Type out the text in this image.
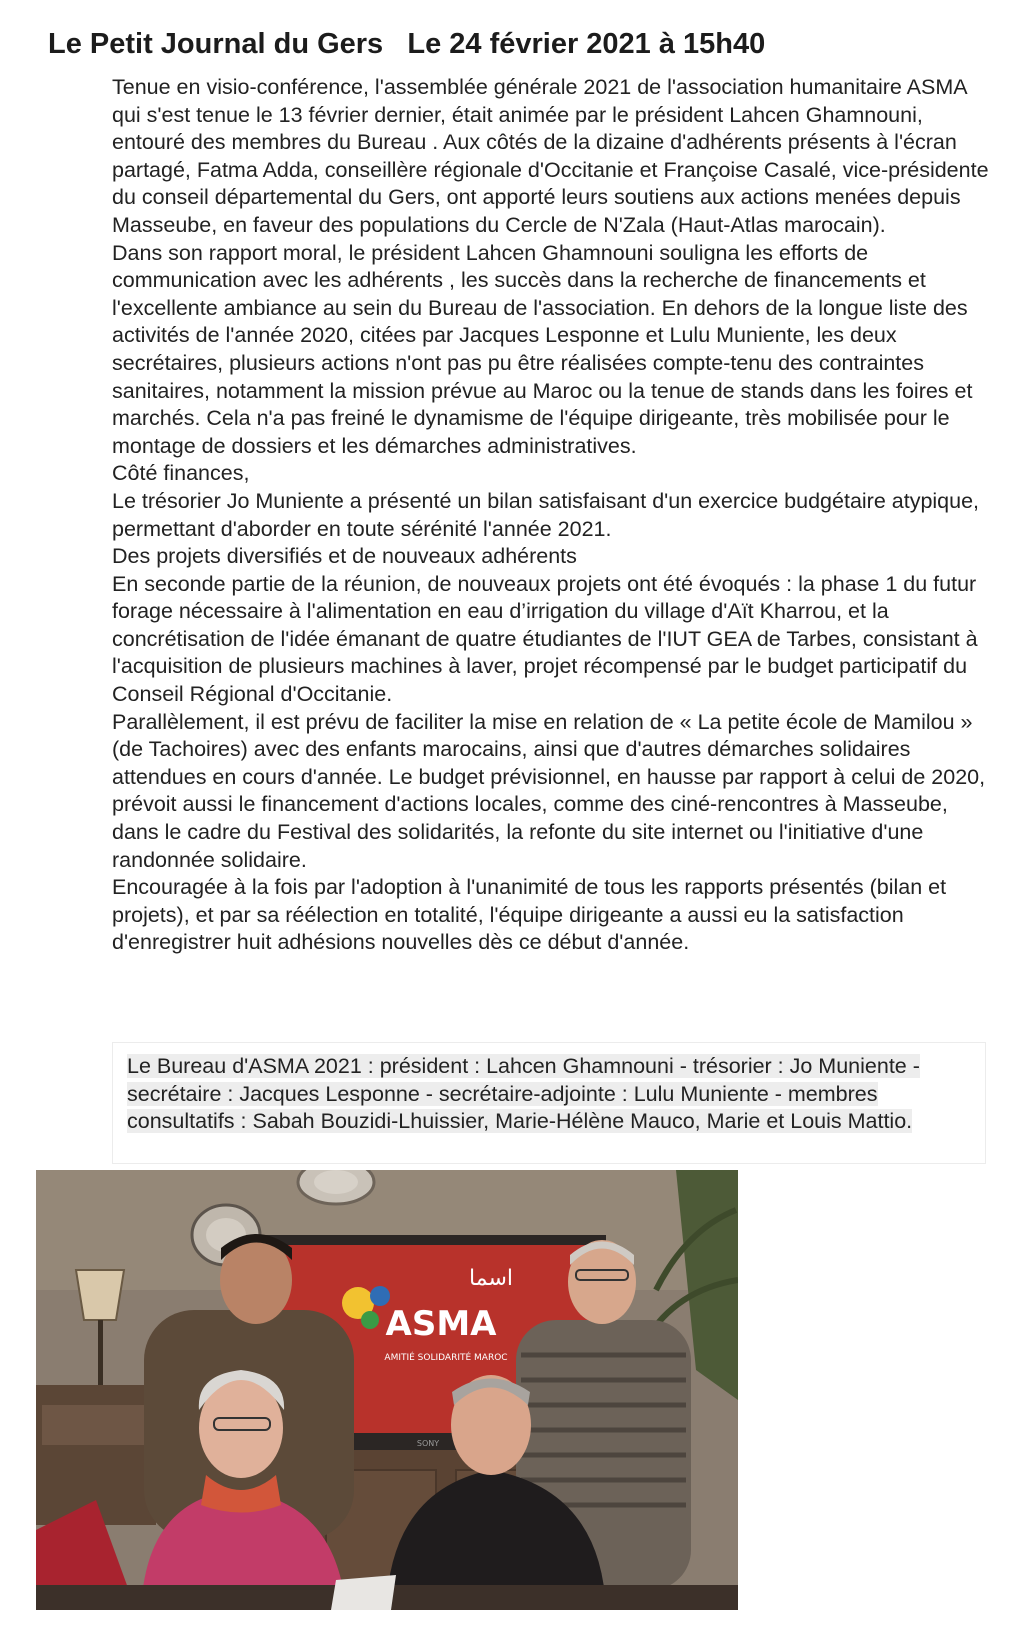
Le Petit Journal du Gers   Le 24 février 2021 à 15h40

Tenue en visio-conférence, l'assemblée générale 2021 de l'association humanitaire ASMA qui s'est tenue le 13 février dernier, était animée par le président Lahcen Ghamnouni, entouré des membres du Bureau . Aux côtés de la dizaine d'adhérents présents à l'écran partagé, Fatma Adda, conseillère régionale d'Occitanie et Françoise Casalé, vice-présidente du conseil départemental du Gers, ont apporté leurs soutiens aux actions menées depuis Masseube, en faveur des populations du Cercle de N'Zala (Haut-Atlas marocain).

Dans son rapport moral, le président Lahcen Ghamnouni souligna les efforts de communication avec les adhérents , les succès dans la recherche de financements et l'excellente ambiance au sein du Bureau de l'association. En dehors de la longue liste des activités de l'année 2020, citées par Jacques Lesponne et Lulu Muniente, les deux secrétaires, plusieurs actions n'ont pas pu être réalisées compte-tenu des contraintes sanitaires, notamment la mission prévue au Maroc ou la tenue de stands dans les foires et marchés. Cela n'a pas freiné le dynamisme de l'équipe dirigeante, très mobilisée pour le montage de dossiers et les démarches administratives.

Côté finances,

Le trésorier Jo Muniente a présenté un bilan satisfaisant d'un exercice budgétaire atypique, permettant d'aborder en toute sérénité l'année 2021.

Des projets diversifiés et de nouveaux adhérents

En seconde partie de la réunion, de nouveaux projets ont été évoqués : la phase 1 du futur forage nécessaire à l'alimentation en eau d’irrigation du village d'Aït Kharrou, et la concrétisation de l'idée émanant de quatre étudiantes de l'IUT GEA de Tarbes, consistant à l'acquisition de plusieurs machines à laver, projet récompensé par le budget participatif du Conseil Régional d'Occitanie.

Parallèlement, il est prévu de faciliter la mise en relation de « La petite école de Mamilou » (de Tachoires) avec des enfants marocains, ainsi que d'autres démarches solidaires attendues en cours d'année. Le budget prévisionnel, en hausse par rapport à celui de 2020, prévoit aussi le financement d'actions locales, comme des ciné-rencontres à Masseube, dans le cadre du Festival des solidarités, la refonte du site internet ou l'initiative d'une randonnée solidaire.

Encouragée à la fois par l'adoption à l'unanimité de tous les rapports présentés (bilan et projets), et par sa réélection en totalité, l'équipe dirigeante a aussi eu la satisfaction d'enregistrer huit adhésions nouvelles dès ce début d'année.

Le Bureau d'ASMA 2021 : président : Lahcen Ghamnouni - trésorier : Jo Muniente - secrétaire : Jacques Lesponne - secrétaire-adjointe : Lulu Muniente - membres consultatifs : Sabah Bouzidi-Lhuissier, Marie-Hélène Mauco, Marie et Louis Mattio.
ASMA
اسما
AMITIÉ SOLIDARITÉ MAROC
SONY
